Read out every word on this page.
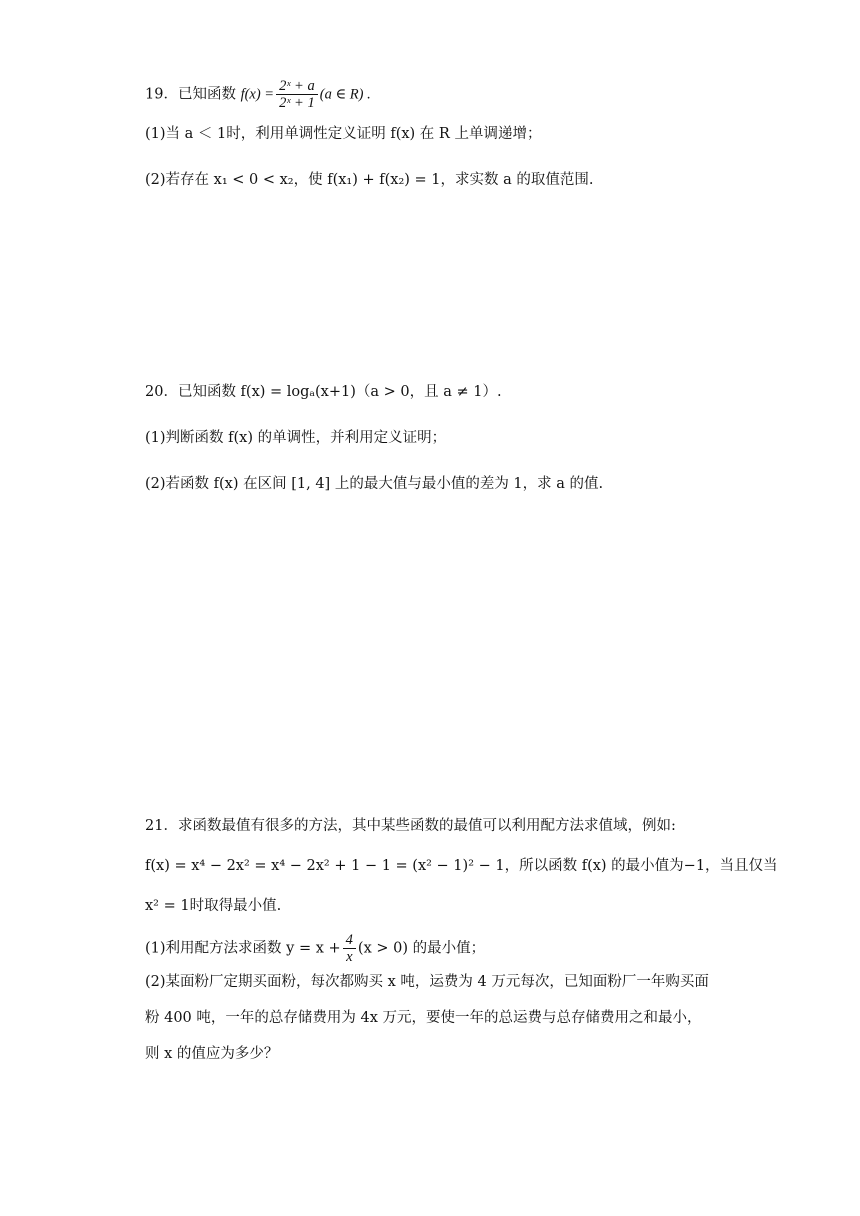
19．已知函数 $f(x) = \frac{\text{2ˣ + a}}{\text{2ˣ + 1}} (a$ ∈ R) .
(1)当 a ＜ 1时，利用单调性定义证明 f(x) 在 R 上单调递增；
(2)若存在 x₁ < 0 < x₂，使 f(x₁) + f(x₂) = 1，求实数 a 的取值范围.
20．已知函数 f(x) = logₐ(x+1)（a > 0，且 a ≠ 1）.
(1)判断函数 f(x) 的单调性，并利用定义证明；
(2)若函数 f(x) 在区间 [1, 4] 上的最大值与最小值的差为 1，求 a 的值.
21．求函数最值有很多的方法，其中某些函数的最值可以利用配方法求值域，例如:
f(x) = x⁴ − 2x² = x⁴ − 2x² + 1 − 1 = (x² − 1)² − 1，所以函数 f(x) 的最小值为−1，当且仅当
x² = 1时取得最小值.
(1)利用配方法求函数 $y = x + \frac{4}{x} (x > 0)$ 的最小值；
(2)某面粉厂定期买面粉，每次都购买 x 吨，运费为 4 万元每次，已知面粉厂一年购买面
粉 400 吨，一年的总存储费用为 4x 万元，要使一年的总运费与总存储费用之和最小，
则 x 的值应为多少？
